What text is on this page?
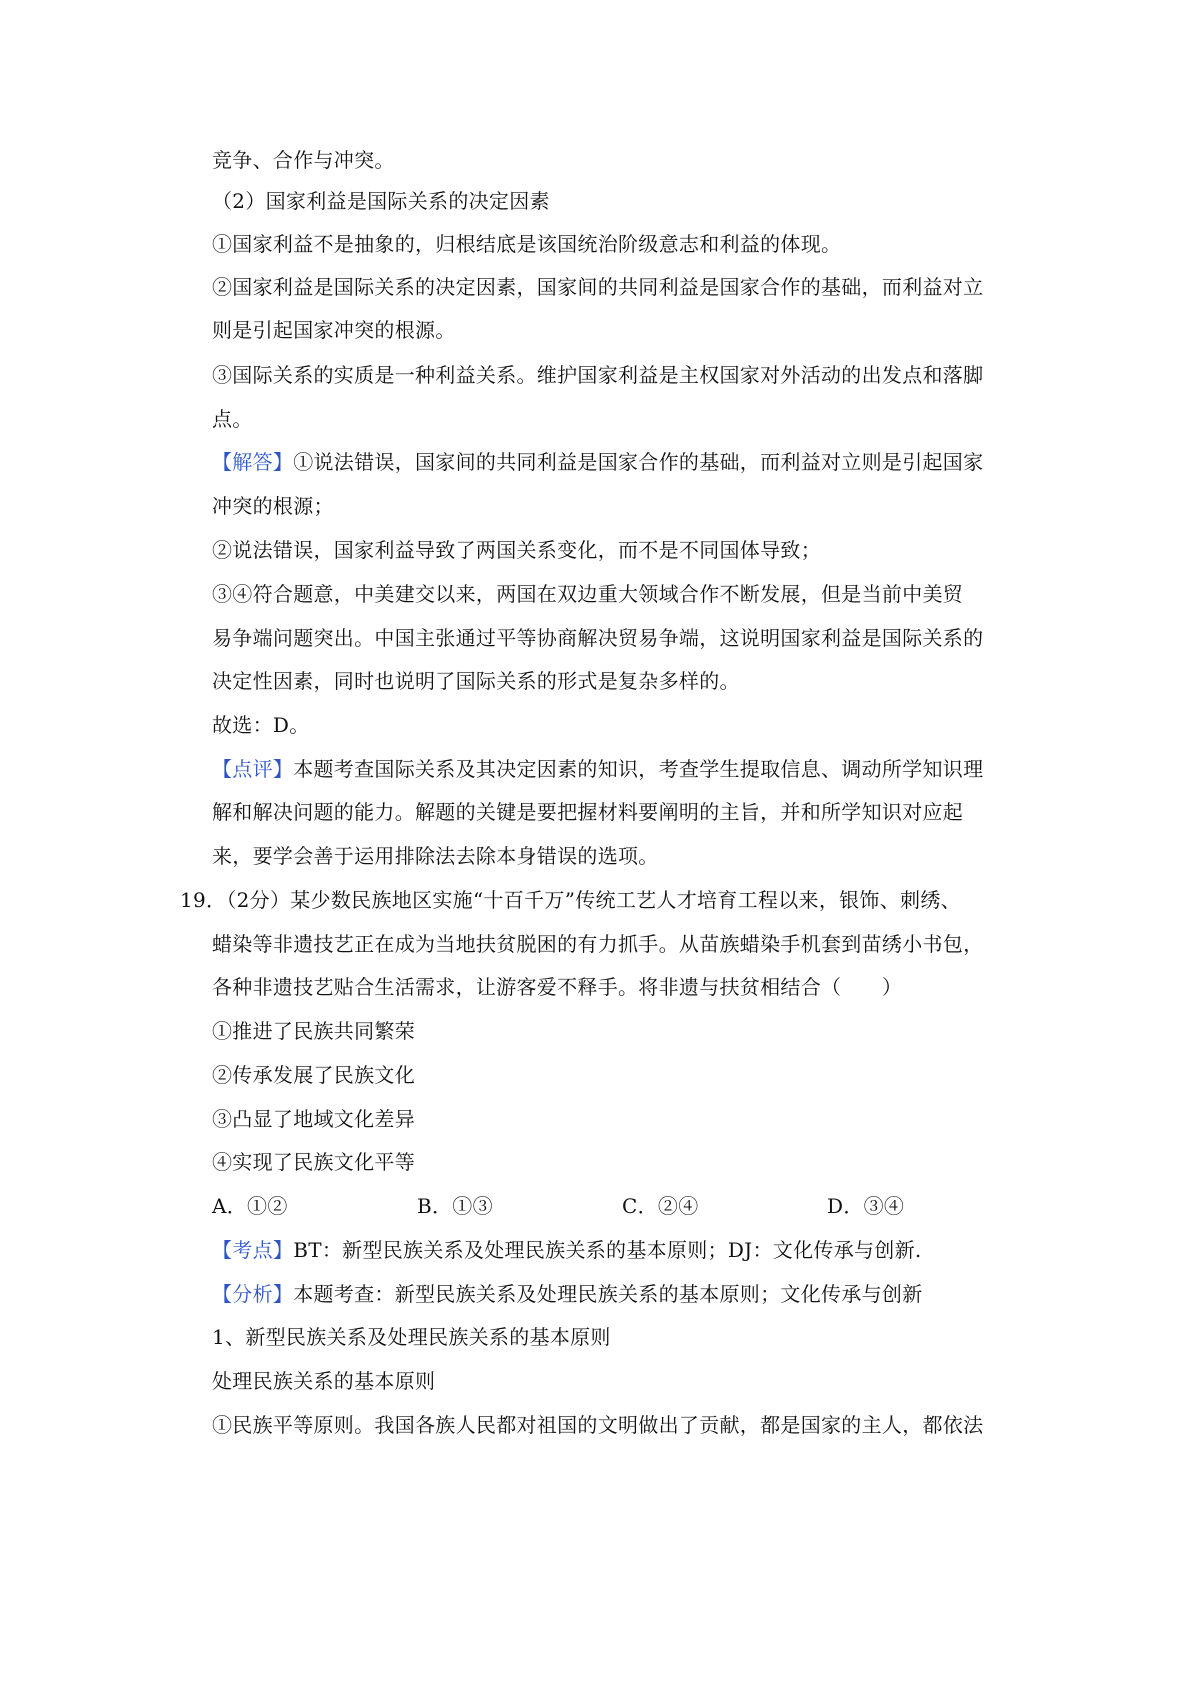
竞争、合作与冲突。
（2）国家利益是国际关系的决定因素
①国家利益不是抽象的，归根结底是该国统治阶级意志和利益的体现。
②国家利益是国际关系的决定因素，国家间的共同利益是国家合作的基础，而利益对立
则是引起国家冲突的根源。
③国际关系的实质是一种利益关系。维护国家利益是主权国家对外活动的出发点和落脚
点。
【解答】①说法错误，国家间的共同利益是国家合作的基础，而利益对立则是引起国家
冲突的根源；
②说法错误，国家利益导致了两国关系变化，而不是不同国体导致；
③④符合题意，中美建交以来，两国在双边重大领域合作不断发展，但是当前中美贸
易争端问题突出。中国主张通过平等协商解决贸易争端，这说明国家利益是国际关系的
决定性因素，同时也说明了国际关系的形式是复杂多样的。
故选：D。
【点评】本题考查国际关系及其决定因素的知识，考查学生提取信息、调动所学知识理
解和解决问题的能力。解题的关键是要把握材料要阐明的主旨，并和所学知识对应起
来，要学会善于运用排除法去除本身错误的选项。
19．（2分）某少数民族地区实施“十百千万”传统工艺人才培育工程以来，银饰、刺绣、
蜡染等非遗技艺正在成为当地扶贫脱困的有力抓手。从苗族蜡染手机套到苗绣小书包，
各种非遗技艺贴合生活需求，让游客爱不释手。将非遗与扶贫相结合（　　）
①推进了民族共同繁荣
②传承发展了民族文化
③凸显了地域文化差异
④实现了民族文化平等
A．①②	B．①③	C．②④	D．③④
【考点】BT：新型民族关系及处理民族关系的基本原则；DJ：文化传承与创新.
【分析】本题考查：新型民族关系及处理民族关系的基本原则；文化传承与创新
1、新型民族关系及处理民族关系的基本原则
处理民族关系的基本原则
①民族平等原则。我国各族人民都对祖国的文明做出了贡献，都是国家的主人，都依法
